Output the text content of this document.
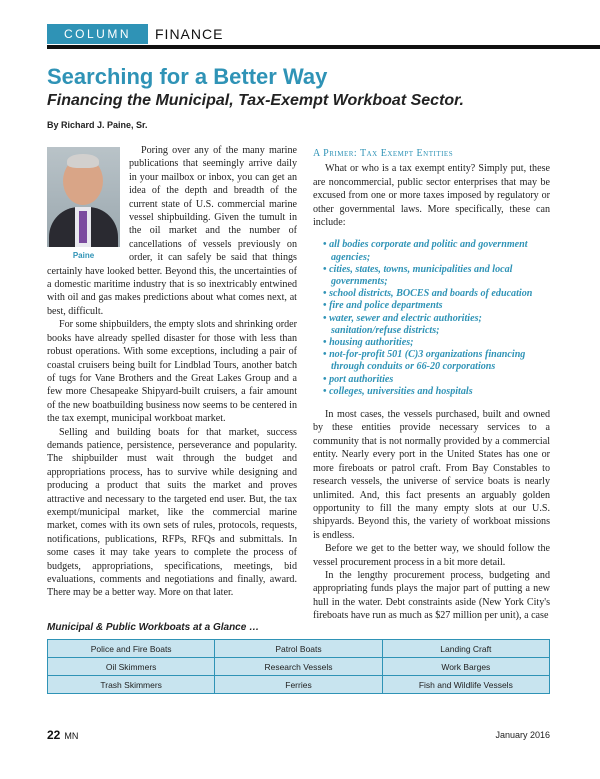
COLUMN	FINANCE
Searching for a Better Way
Financing the Municipal, Tax-Exempt Workboat Sector.
By Richard J. Paine, Sr.
Paine

Poring over any of the many marine publications that seemingly arrive daily in your mailbox or inbox, you can get an idea of the depth and breadth of the current state of U.S. commercial marine vessel shipbuilding. Given the tumult in the oil market and the number of cancellations of vessels previously on order, it can safely be said that things certainly have looked better. Beyond this, the uncertainties of a domestic maritime industry that is so inextricably entwined with oil and gas makes predictions about what comes next, at best, difficult.

For some shipbuilders, the empty slots and shrinking order books have already spelled disaster for those with less than robust operations. With some exceptions, including a pair of coastal cruisers being built for Lindblad Tours, another batch of tugs for Vane Brothers and the Great Lakes Group and a few more Chesapeake Shipyard-built cruisers, a fair amount of the new boatbuilding business now seems to be centered in the tax exempt, municipal workboat market.

Selling and building boats for that market, success demands patience, persistence, perseverance and popularity. The shipbuilder must wait through the budget and appropriations process, has to survive while designing and producing a product that suits the market and proves attractive and necessary to the targeted end user. But, the tax exempt/municipal market, like the commercial marine market, comes with its own sets of rules, protocols, requests, notifications, publications, RFPs, RFQs and submittals. In some cases it may take years to complete the process of budgets, appropriations, specifications, meetings, bid evaluations, comments and negotiations and finally, award. There may be a better way. More on that later.

A Primer: Tax Exempt Entities

What or who is a tax exempt entity? Simply put, these are noncommercial, public sector enterprises that may be excused from one or more taxes imposed by regulatory or other governmental laws. More specifically, these can include:

• all bodies corporate and politic and government agencies;
• cities, states, towns, municipalities and local governments;
• school districts, BOCES and boards of education
• fire and police departments
• water, sewer and electric authorities; sanitation/refuse districts;
• housing authorities;
• not-for-profit 501 (C)3 organizations financing through conduits or 66-20 corporations
• port authorities
• colleges, universities and hospitals

In most cases, the vessels purchased, built and owned by these entities provide necessary services to a community that is not normally provided by a commercial entity. Nearly every port in the United States has one or more fireboats or patrol craft. From Bay Constables to research vessels, the universe of service boats is nearly unlimited. And, this fact presents an arguably golden opportunity to fill the many empty slots at our U.S. shipyards. Beyond this, the variety of workboat missions is endless.

Before we get to the better way, we should follow the vessel procurement process in a bit more detail.

In the lengthy procurement process, budgeting and appropriating funds plays the major part of putting a new hull in the water. Debt constraints aside (New York City's fireboats have run as much as $27 million per unit), a case

Municipal & Public Workboats at a Glance …
Police and Fire Boats	Patrol Boats	Landing Craft
Oil Skimmers	Research Vessels	Work Barges
Trash Skimmers	Ferries	Fish and Wildlife Vessels
22 MN	January 2016
